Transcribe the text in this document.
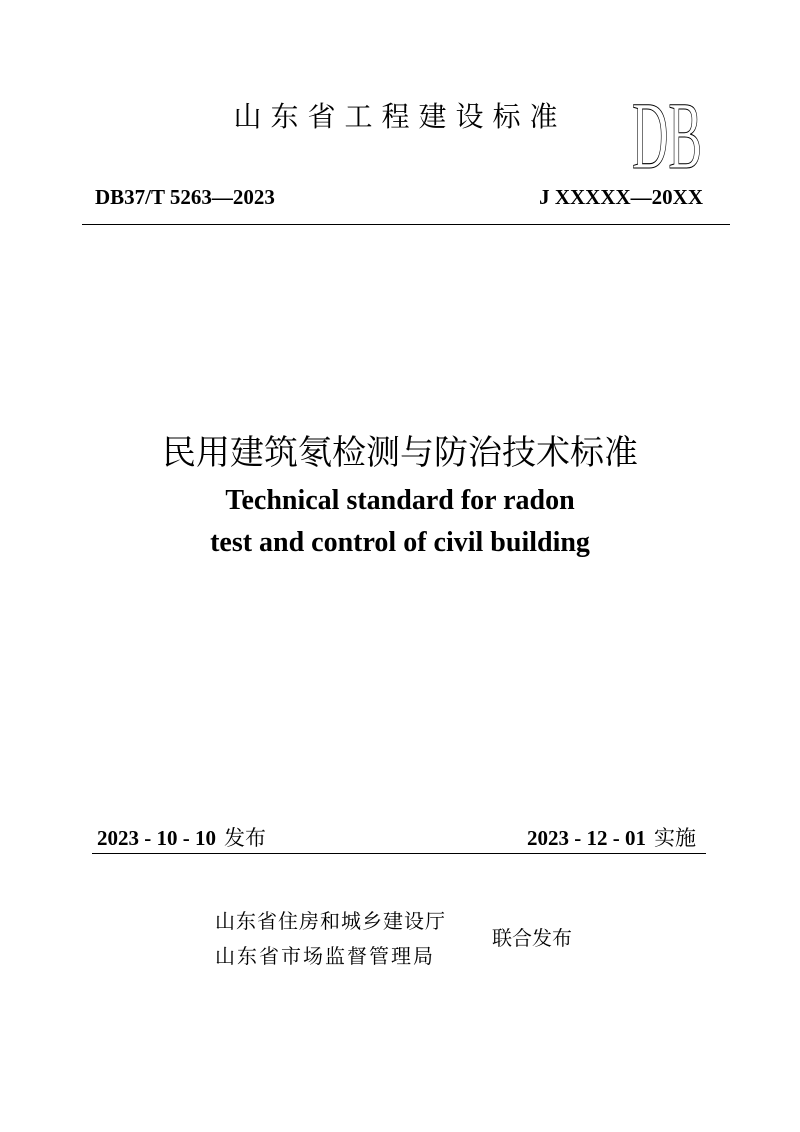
山东省工程建设标准 DB
DB37/T 5263—2023	J XXXXX—20XX
民用建筑氡检测与防治技术标准
Technical standard for radon
test and control of civil building
2023 - 10 - 10 发布	2023 - 12 - 01 实施
山东省住房和城乡建设厅
山东省市场监督管理局
联合发布
